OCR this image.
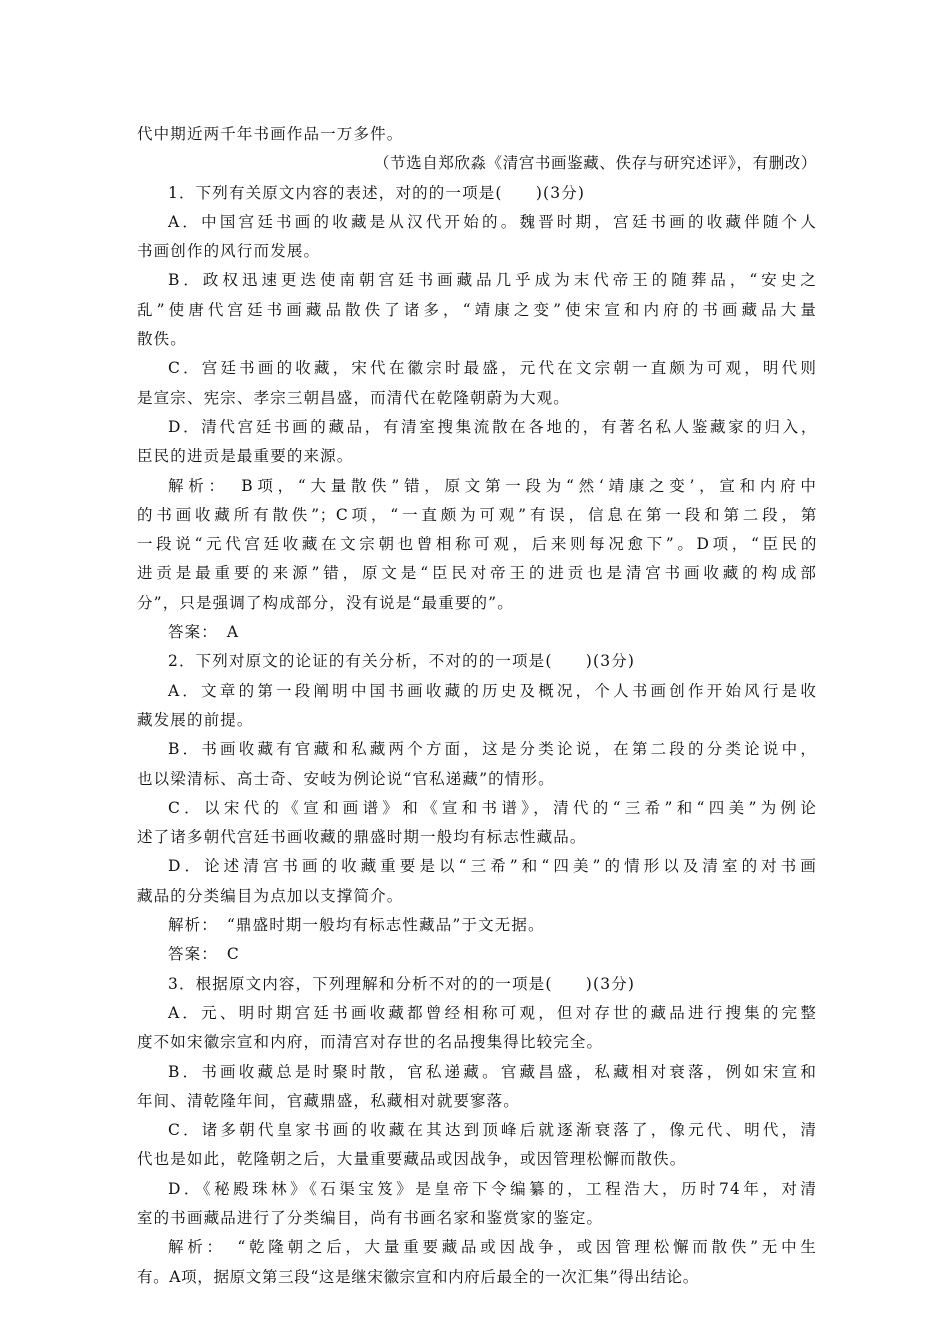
代中期近两千年书画作品一万多件。
（节选自郑欣淼《清宫书画鉴藏、佚存与研究述评》，有删改）
1．下列有关原文内容的表述，对的的一项是(　　)(3分)
A．中国宫廷书画的收藏是从汉代开始的。魏晋时期，宫廷书画的收藏伴随个人
书画创作的风行而发展。
B．政权迅速更迭使南朝宫廷书画藏品几乎成为末代帝王的随葬品，“安史之
乱”使唐代宫廷书画藏品散佚了诸多，“靖康之变”使宋宣和内府的书画藏品大量
散佚。
C．宫廷书画的收藏，宋代在徽宗时最盛，元代在文宗朝一直颇为可观，明代则
是宣宗、宪宗、孝宗三朝昌盛，而清代在乾隆朝蔚为大观。
D．清代宫廷书画的藏品，有清室搜集流散在各地的，有著名私人鉴藏家的归入，
臣民的进贡是最重要的来源。
解析：　B项，“大量散佚”错，原文第一段为“然‘靖康之变’，宣和内府中
的书画收藏所有散佚”；C项，“一直颇为可观”有误，信息在第一段和第二段，第
一段说“元代宫廷收藏在文宗朝也曾相称可观，后来则每况愈下”。D项，“臣民的
进贡是最重要的来源”错，原文是“臣民对帝王的进贡也是清宫书画收藏的构成部
分”，只是强调了构成部分，没有说是“最重要的”。
答案：　A
2．下列对原文的论证的有关分析，不对的的一项是(　　)(3分)
A．文章的第一段阐明中国书画收藏的历史及概况，个人书画创作开始风行是收
藏发展的前提。
B．书画收藏有官藏和私藏两个方面，这是分类论说，在第二段的分类论说中，
也以梁清标、高士奇、安岐为例论说“官私递藏”的情形。
C．以宋代的《宣和画谱》和《宣和书谱》，清代的“三希”和“四美”为例论
述了诸多朝代宫廷书画收藏的鼎盛时期一般均有标志性藏品。
D．论述清宫书画的收藏重要是以“三希”和“四美”的情形以及清室的对书画
藏品的分类编目为点加以支撑简介。
解析：　“鼎盛时期一般均有标志性藏品”于文无据。
答案：　C
3．根据原文内容，下列理解和分析不对的的一项是(　　)(3分)
A．元、明时期宫廷书画收藏都曾经相称可观，但对存世的藏品进行搜集的完整
度不如宋徽宗宣和内府，而清宫对存世的名品搜集得比较完全。
B．书画收藏总是时聚时散，官私递藏。官藏昌盛，私藏相对衰落，例如宋宣和
年间、清乾隆年间，官藏鼎盛，私藏相对就要寥落。
C．诸多朝代皇家书画的收藏在其达到顶峰后就逐渐衰落了，像元代、明代，清
代也是如此，乾隆朝之后，大量重要藏品或因战争，或因管理松懈而散佚。
D．《秘殿珠林》《石渠宝笈》是皇帝下令编纂的，工程浩大，历时74年，对清
室的书画藏品进行了分类编目，尚有书画名家和鉴赏家的鉴定。
解析：　“乾隆朝之后，大量重要藏品或因战争，或因管理松懈而散佚”无中生
有。A项，据原文第三段“这是继宋徽宗宣和内府后最全的一次汇集”得出结论。
